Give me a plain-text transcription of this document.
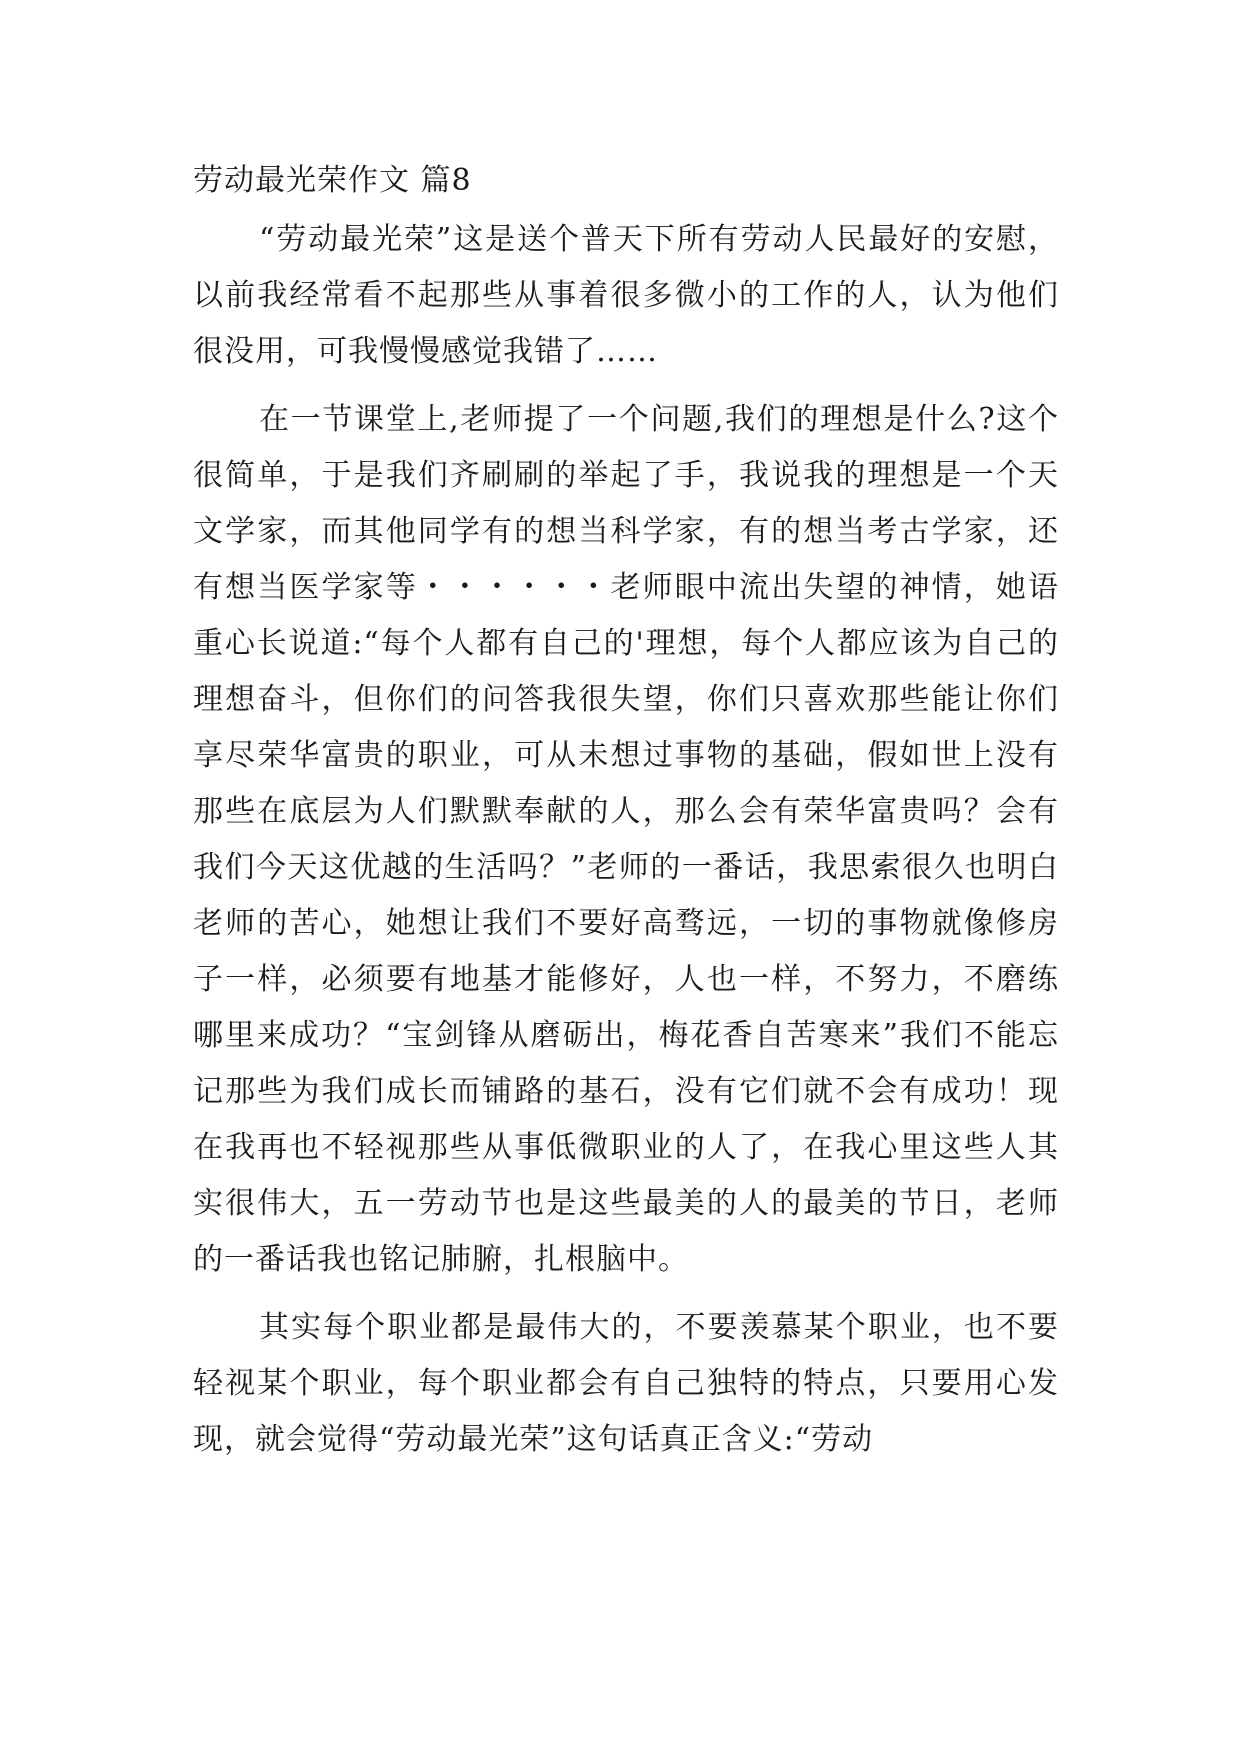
劳动最光荣作文 篇8

“劳动最光荣”这是送个普天下所有劳动人民最好的安慰，以前我经常看不起那些从事着很多微小的工作的人，认为他们很没用，可我慢慢感觉我错了……

在一节课堂上,老师提了一个问题,我们的理想是什么?这个很简单，于是我们齐刷刷的举起了手，我说我的理想是一个天文学家，而其他同学有的想当科学家，有的想当考古学家，还有想当医学家等・・・・・・老师眼中流出失望的神情，她语重心长说道:“每个人都有自己的'理想，每个人都应该为自己的理想奋斗，但你们的问答我很失望，你们只喜欢那些能让你们享尽荣华富贵的职业，可从未想过事物的基础，假如世上没有那些在底层为人们默默奉献的人，那么会有荣华富贵吗？会有我们今天这优越的生活吗？”老师的一番话，我思索很久也明白老师的苦心，她想让我们不要好高骛远，一切的事物就像修房子一样，必须要有地基才能修好，人也一样，不努力，不磨练哪里来成功？“宝剑锋从磨砺出，梅花香自苦寒来”我们不能忘记那些为我们成长而铺路的基石，没有它们就不会有成功！现在我再也不轻视那些从事低微职业的人了，在我心里这些人其实很伟大，五一劳动节也是这些最美的人的最美的节日，老师的一番话我也铭记肺腑，扎根脑中。

其实每个职业都是最伟大的，不要羡慕某个职业，也不要轻视某个职业，每个职业都会有自己独特的特点，只要用心发现，就会觉得“劳动最光荣”这句话真正含义:“劳动
